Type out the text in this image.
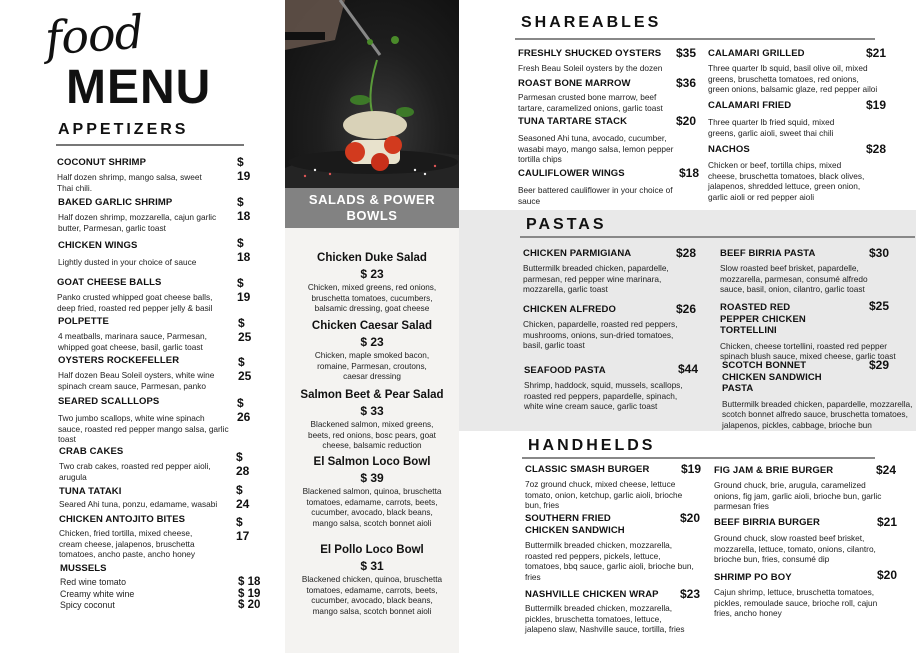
food
MENU
APPETIZERS
COCONUT SHRIMP
Half dozen shrimp, mango salsa, sweet Thai chili.
$ 19
BAKED GARLIC SHRIMP
Half dozen shrimp, mozzarella, cajun garlic butter, Parmesan, garlic toast
$ 18
CHICKEN WINGS
Lightly dusted in your choice of sauce
$ 18
GOAT CHEESE BALLS
Panko crusted whipped goat cheese balls, deep fried, roasted red pepper jelly & basil
$ 19
POLPETTE
4 meatballs, marinara sauce, Parmesan, whipped goat cheese, basil, garlic toast
$ 25
OYSTERS ROCKEFELLER
Half dozen Beau Soleil oysters, white wine spinach cream sauce, Parmesan, panko
$ 25
SEARED SCALLLOPS
Two jumbo scallops, white wine spinach sauce, roasted red pepper mango salsa, garlic toast
$ 26
CRAB CAKES
Two crab cakes, roasted red pepper aioli, arugula
$ 28
TUNA TATAKI
Seared Ahi tuna, ponzu, edamame, wasabi
$ 24
CHICKEN ANTOJITO BITES
Chicken, fried tortilla, mixed cheese, cream cheese, jalapenos, bruschetta tomatoes, ancho paste, ancho honey
$ 17
MUSSELS
Red wine tomato	$ 18
Creamy white wine	$ 19
Spicy coconut	$ 20
SALADS & POWER BOWLS
Chicken Duke Salad
$ 23
Chicken, mixed greens, red onions, bruschetta tomatoes, cucumbers, balsamic dressing, goat cheese
Chicken Caesar Salad
$ 23
Chicken, maple smoked bacon, romaine, Parmesan, croutons, caesar dressing
Salmon Beet & Pear Salad
$ 33
Blackened salmon, mixed greens, beets, red onions, bosc pears, goat cheese, balsamic reduction
El Salmon Loco Bowl
$ 39
Blackened salmon, quinoa, bruschetta tomatoes, edamame, carrots, beets, cucumber, avocado, black beans, mango salsa, scotch bonnet aioli
El Pollo Loco Bowl
$ 31
Blackened chicken, quinoa, bruschetta tomatoes, edamame, carrots, beets, cucumber, avocado, black beans, mango salsa, scotch bonnet aioli
SHAREABLES
FRESHLY SHUCKED OYSTERS
Fresh Beau Soleil oysters by the dozen
$35
ROAST BONE MARROW
Parmesan crusted bone marrow, beef tartare, caramelized onions, garlic toast
$36
TUNA TARTARE STACK
Seasoned Ahi tuna, avocado, cucumber, wasabi mayo, mango salsa, lemon pepper tortilla chips
$20
CAULIFLOWER WINGS
Beer battered cauliflower in your choice of sauce
$18
CALAMARI GRILLED
Three quarter lb squid, basil olive oil, mixed greens, bruschetta tomatoes, red onions, green onions, balsamic glaze, red pepper ailoi
$21
CALAMARI FRIED
Three quarter lb fried squid, mixed greens, garlic aioli, sweet thai chili
$19
NACHOS
Chicken or beef, tortilla chips, mixed cheese, bruschetta tomatoes, black olives, jalapenos, shredded lettuce, green onion, garlic aioli or red pepper aioli
$28
PASTAS
CHICKEN PARMIGIANA
Buttermilk breaded chicken, papardelle, parmesan, red pepper wine marinara, mozzarella, garlic toast
$28
CHICKEN ALFREDO
Chicken, papardelle, roasted red peppers, mushrooms, onions, sun-dried tomatoes, basil, garlic toast
$26
SEAFOOD PASTA
Shrimp, haddock, squid, mussels, scallops, roasted red peppers, papardelle, spinach, white wine cream sauce, garlic toast
$44
BEEF BIRRIA PASTA
Slow roasted beef brisket, papardelle, mozzarella, parmesan, consumé alfredo sauce, basil, onion, cilantro, garlic toast
$30
ROASTED RED PEPPER CHICKEN TORTELLINI
Chicken, cheese tortellini, roasted red pepper spinach blush sauce, mixed cheese, garlic toast
$25
SCOTCH BONNET CHICKEN SANDWICH PASTA
Buttermilk breaded chicken, papardelle, mozzarella, scotch bonnet alfredo sauce, bruschetta tomatoes, jalapenos, pickles, cabbage, brioche bun
$29
HANDHELDS
CLASSIC SMASH BURGER
7oz ground chuck, mixed cheese, lettuce tomato, onion, ketchup, garlic aioli, brioche bun, fries
$19
SOUTHERN FRIED CHICKEN SANDWICH
Buttermilk breaded chicken, mozzarella, roasted red peppers, pickels, lettuce, tomatoes, bbq sauce, garlic aioli, brioche bun, fries
$20
NASHVILLE CHICKEN WRAP
Buttermilk breaded chicken, mozzarella, pickles, bruschetta tomatoes, lettuce, jalapeno slaw, Nashville sauce, tortilla, fries
$23
FIG JAM & BRIE BURGER
Ground chuck, brie, arugula, caramelized onions, fig jam, garlic aioli, brioche bun, garlic parmesan fries
$24
BEEF BIRRIA BURGER
Ground chuck, slow roasted beef brisket, mozzarella, lettuce, tomato, onions, cilantro, brioche bun, fries, consumé dip
$21
SHRIMP PO BOY
Cajun shrimp, lettuce, bruschetta tomatoes, pickles, remoulade sauce, brioche roll, cajun fries, ancho honey
$20
